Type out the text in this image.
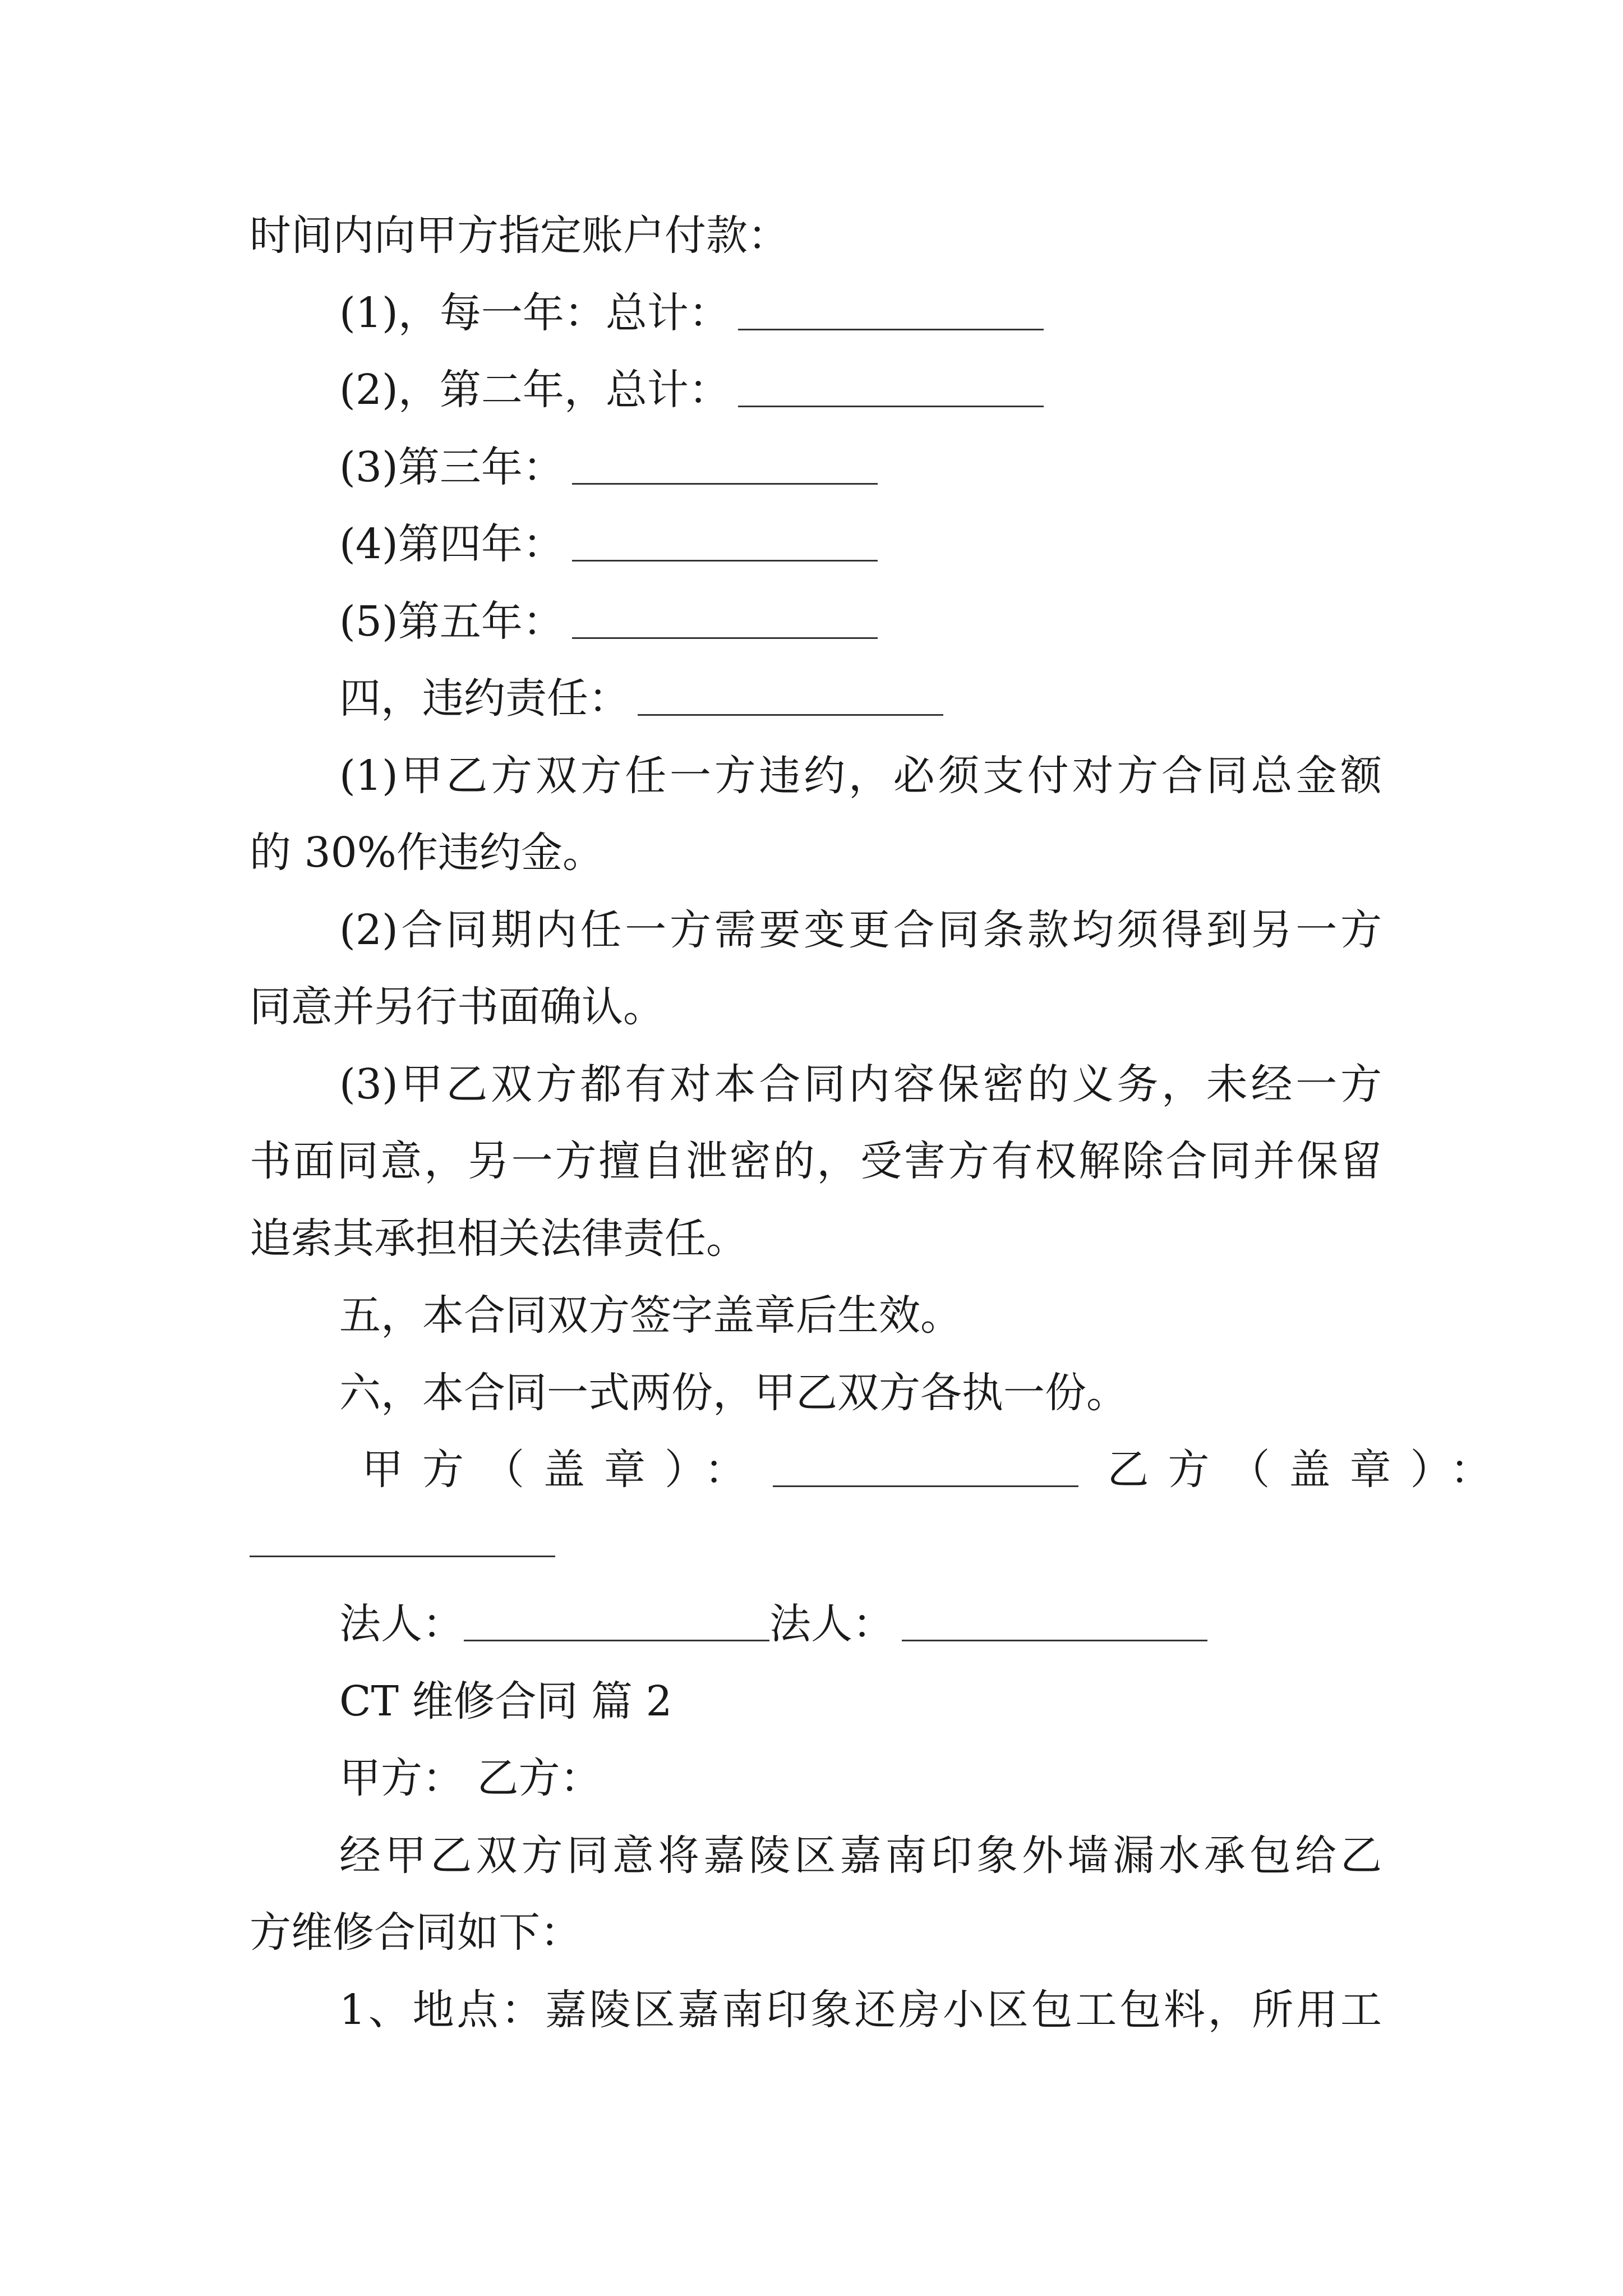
时间内向甲方指定账户付款：
(1)，每一年：总计：
(2)，第二年，总计：
(3)第三年：
(4)第四年：
(5)第五年：
四，违约责任：
(1)甲乙方双方任一方违约，必须支付对方合同总金额
的 30%作违约金。
(2)合同期内任一方需要变更合同条款均须得到另一方
同意并另行书面确认。
(3)甲乙双方都有对本合同内容保密的义务，未经一方
书面同意，另一方擅自泄密的，受害方有权解除合同并保留
追索其承担相关法律责任。
五，本合同双方签字盖章后生效。
六，本合同一式两份，甲乙双方各执一份。
甲方（盖章）：	乙方（盖章）：
法人：	法人：
CT 维修合同 篇 2
甲方： 乙方：
经甲乙双方同意将嘉陵区嘉南印象外墙漏水承包给乙
方维修合同如下：
1、地点：嘉陵区嘉南印象还房小区包工包料，所用工
